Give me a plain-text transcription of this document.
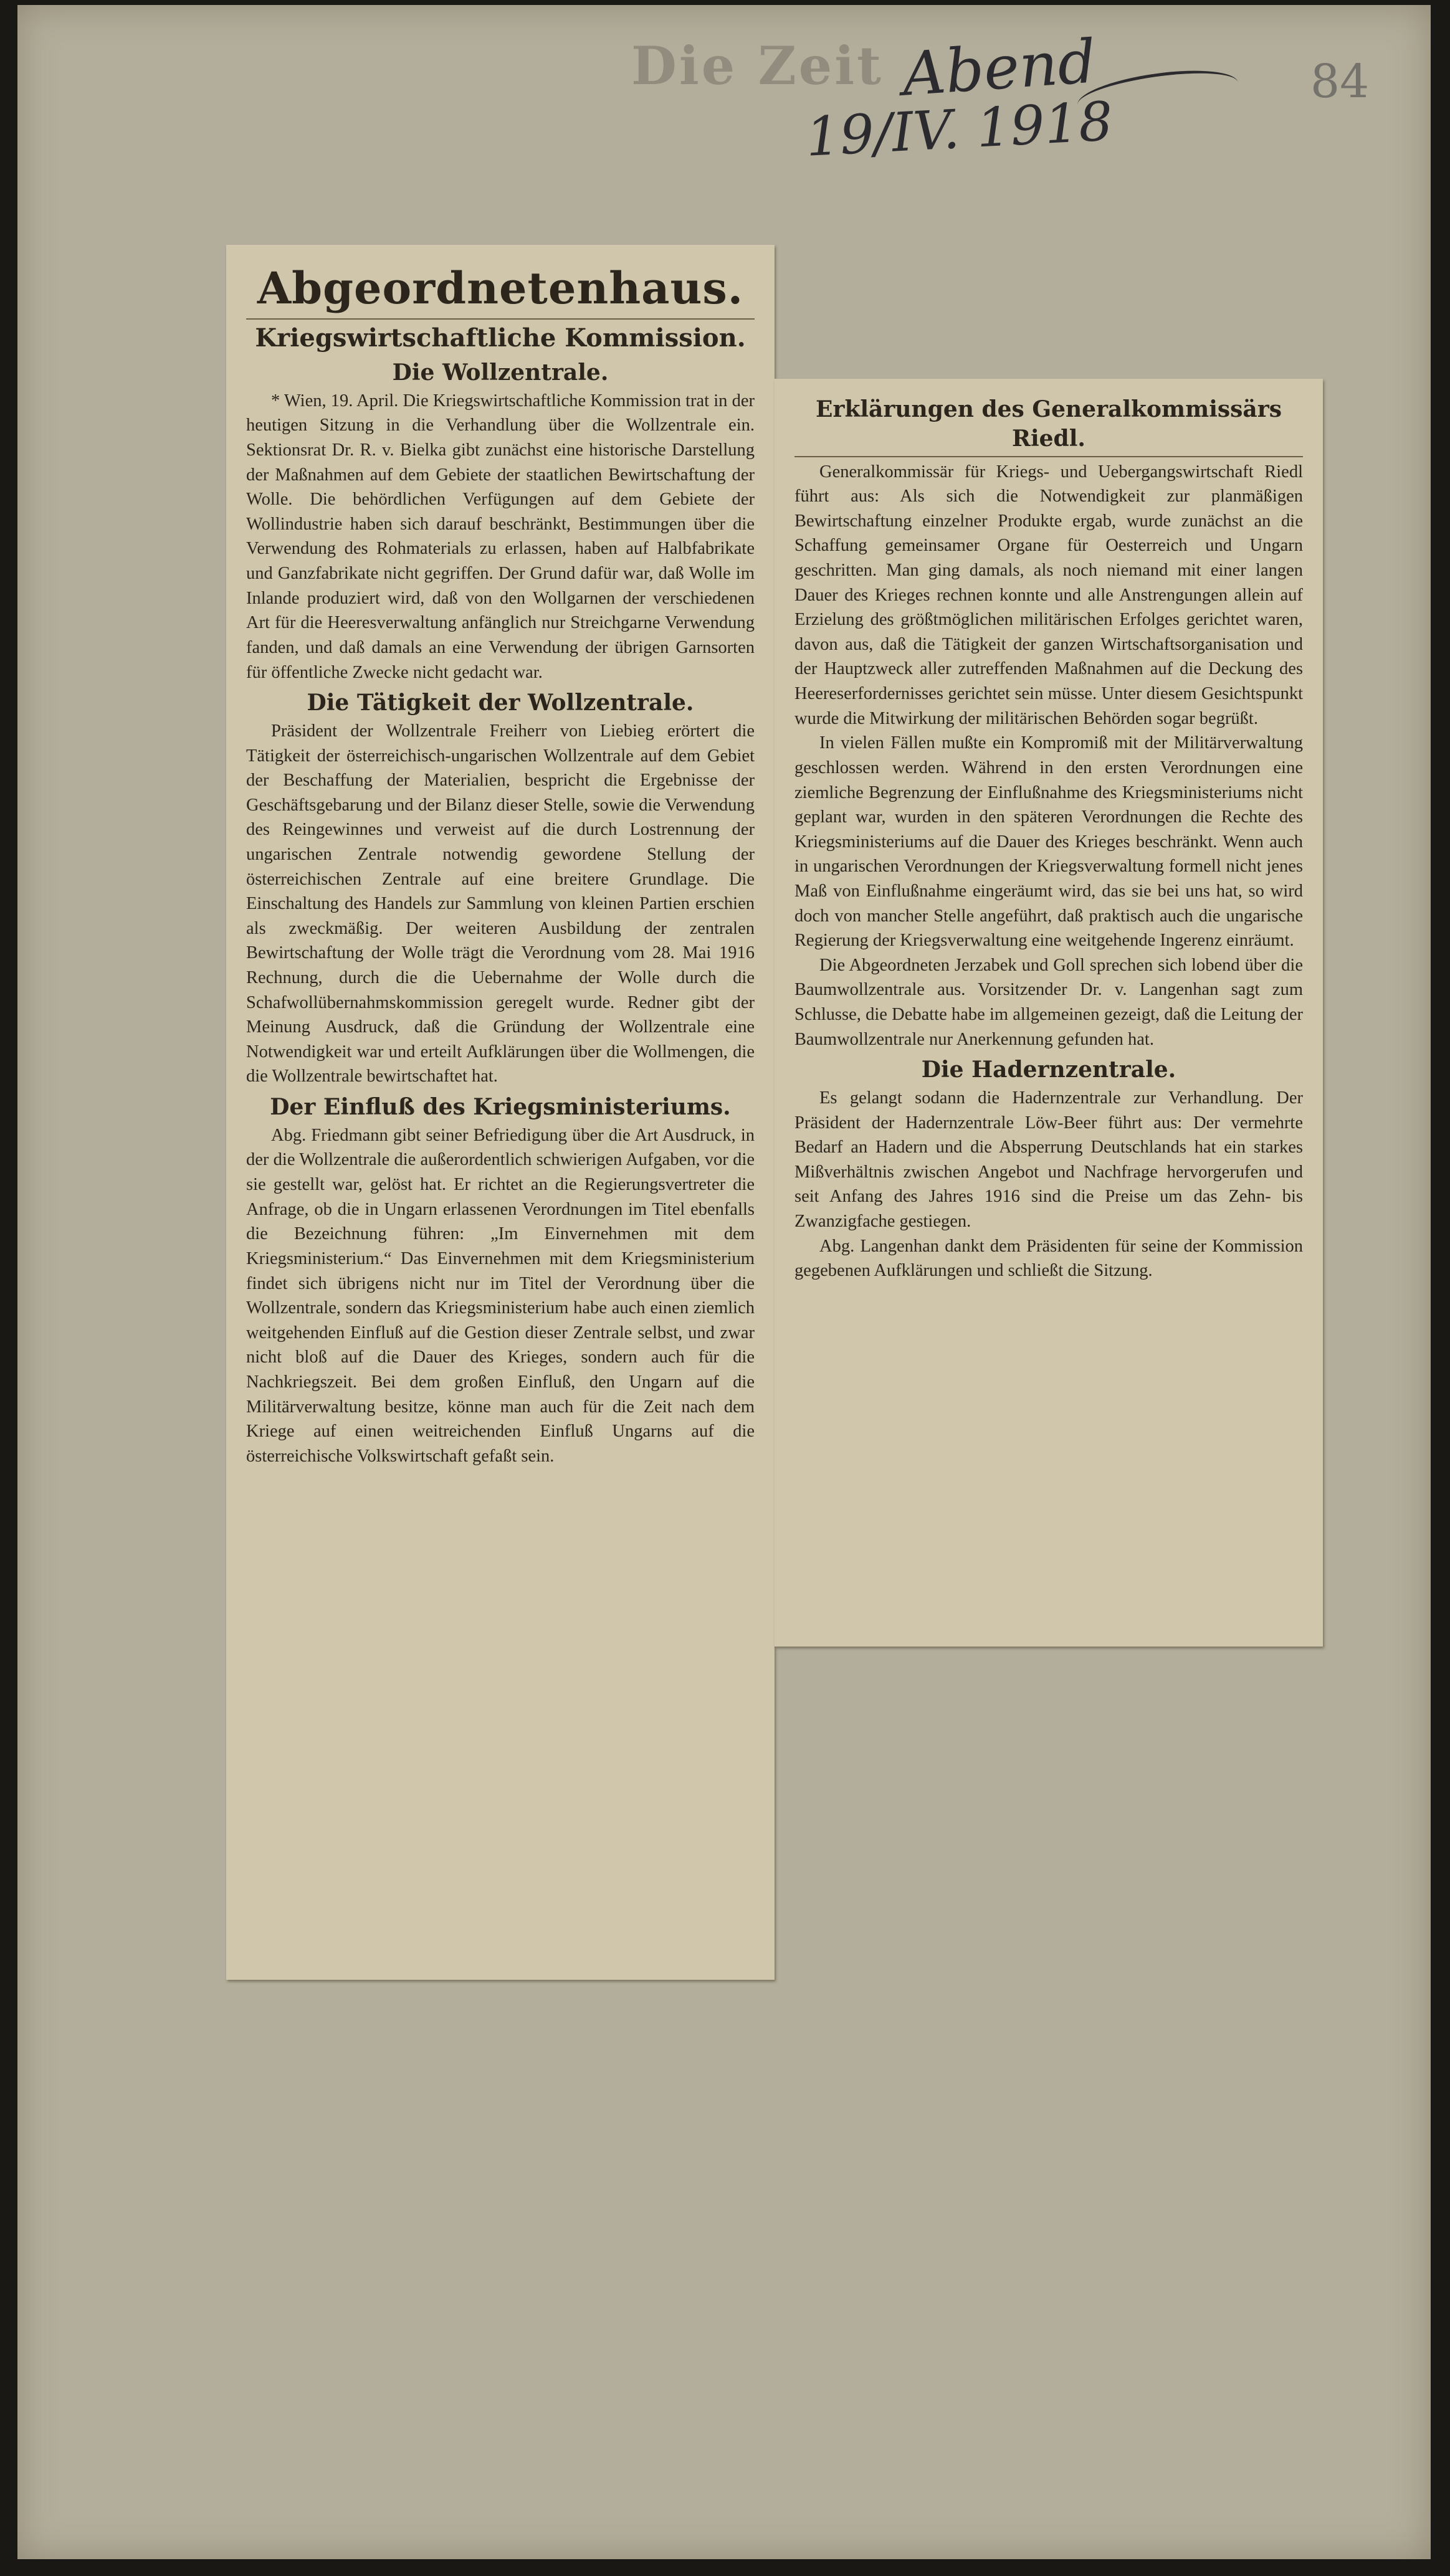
Die Zeit Abend
19/IV. 1918
84
Abgeordnetenhaus.
Kriegswirtschaftliche Kommission.
Die Wollzentrale.

* Wien, 19. April. Die Kriegswirtschaftliche Kommission trat in der heutigen Sitzung in die Verhandlung über die Wollzentrale ein. Sektionsrat Dr. R. v. Bielka gibt zunächst eine historische Darstellung der Maßnahmen auf dem Gebiete der staatlichen Bewirtschaftung der Wolle. Die behördlichen Verfügungen auf dem Gebiete der Wollindustrie haben sich darauf beschränkt, Bestimmungen über die Verwendung des Rohmaterials zu erlassen, haben auf Halbfabrikate und Ganzfabrikate nicht gegriffen. Der Grund dafür war, daß Wolle im Inlande produziert wird, daß von den Wollgarnen der verschiedenen Art für die Heeresverwaltung anfänglich nur Streichgarne Verwendung fanden, und daß damals an eine Verwendung der übrigen Garnsorten für öffentliche Zwecke nicht gedacht war.

Die Tätigkeit der Wollzentrale.

Präsident der Wollzentrale Freiherr von Liebieg erörtert die Tätigkeit der österreichisch-ungarischen Wollzentrale auf dem Gebiet der Beschaffung der Materialien, bespricht die Ergebnisse der Geschäftsgebarung und der Bilanz dieser Stelle, sowie die Verwendung des Reingewinnes und verweist auf die durch Lostrennung der ungarischen Zentrale notwendig gewordene Stellung der österreichischen Zentrale auf eine breitere Grundlage. Die Einschaltung des Handels zur Sammlung von kleinen Partien erschien als zweckmäßig. Der weiteren Ausbildung der zentralen Bewirtschaftung der Wolle trägt die Verordnung vom 28. Mai 1916 Rechnung, durch die die Uebernahme der Wolle durch die Schafwollübernahmskommission geregelt wurde. Redner gibt der Meinung Ausdruck, daß die Gründung der Wollzentrale eine Notwendigkeit war und erteilt Aufklärungen über die Wollmengen, die die Wollzentrale bewirtschaftet hat.

Der Einfluß des Kriegsministeriums.

Abg. Friedmann gibt seiner Befriedigung über die Art Ausdruck, in der die Wollzentrale die außerordentlich schwierigen Aufgaben, vor die sie gestellt war, gelöst hat. Er richtet an die Regierungsvertreter die Anfrage, ob die in Ungarn erlassenen Verordnungen im Titel ebenfalls die Bezeichnung führen: „Im Einvernehmen mit dem Kriegsministerium.“ Das Einvernehmen mit dem Kriegsministerium findet sich übrigens nicht nur im Titel der Verordnung über die Wollzentrale, sondern das Kriegsministerium habe auch einen ziemlich weitgehenden Einfluß auf die Gestion dieser Zentrale selbst, und zwar nicht bloß auf die Dauer des Krieges, sondern auch für die Nachkriegszeit. Bei dem großen Einfluß, den Ungarn auf die Militärverwaltung besitze, könne man auch für die Zeit nach dem Kriege auf einen weitreichenden Einfluß Ungarns auf die österreichische Volkswirtschaft gefaßt sein.

Erklärungen des Generalkommissärs Riedl.

Generalkommissär für Kriegs- und Uebergangswirtschaft Riedl führt aus: Als sich die Notwendigkeit zur planmäßigen Bewirtschaftung einzelner Produkte ergab, wurde zunächst an die Schaffung gemeinsamer Organe für Oesterreich und Ungarn geschritten. Man ging damals, als noch niemand mit einer langen Dauer des Krieges rechnen konnte und alle Anstrengungen allein auf Erzielung des größtmöglichen militärischen Erfolges gerichtet waren, davon aus, daß die Tätigkeit der ganzen Wirtschaftsorganisation und der Hauptzweck aller zutreffenden Maßnahmen auf die Deckung des Heereserfordernisses gerichtet sein müsse. Unter diesem Gesichtspunkt wurde die Mitwirkung der militärischen Behörden sogar begrüßt.

In vielen Fällen mußte ein Kompromiß mit der Militärverwaltung geschlossen werden. Während in den ersten Verordnungen eine ziemliche Begrenzung der Einflußnahme des Kriegsministeriums nicht geplant war, wurden in den späteren Verordnungen die Rechte des Kriegsministeriums auf die Dauer des Krieges beschränkt. Wenn auch in ungarischen Verordnungen der Kriegsverwaltung formell nicht jenes Maß von Einflußnahme eingeräumt wird, das sie bei uns hat, so wird doch von mancher Stelle angeführt, daß praktisch auch die ungarische Regierung der Kriegsverwaltung eine weitgehende Ingerenz einräumt.

Die Abgeordneten Jerzabek und Goll sprechen sich lobend über die Baumwollzentrale aus. Vorsitzender Dr. v. Langenhan sagt zum Schlusse, die Debatte habe im allgemeinen gezeigt, daß die Leitung der Baumwollzentrale nur Anerkennung gefunden hat.

Die Hadernzentrale.

Es gelangt sodann die Hadernzentrale zur Verhandlung. Der Präsident der Hadernzentrale Löw-Beer führt aus: Der vermehrte Bedarf an Hadern und die Absperrung Deutschlands hat ein starkes Mißverhältnis zwischen Angebot und Nachfrage hervorgerufen und seit Anfang des Jahres 1916 sind die Preise um das Zehn- bis Zwanzigfache gestiegen.

Abg. Langenhan dankt dem Präsidenten für seine der Kommission gegebenen Aufklärungen und schließt die Sitzung.
